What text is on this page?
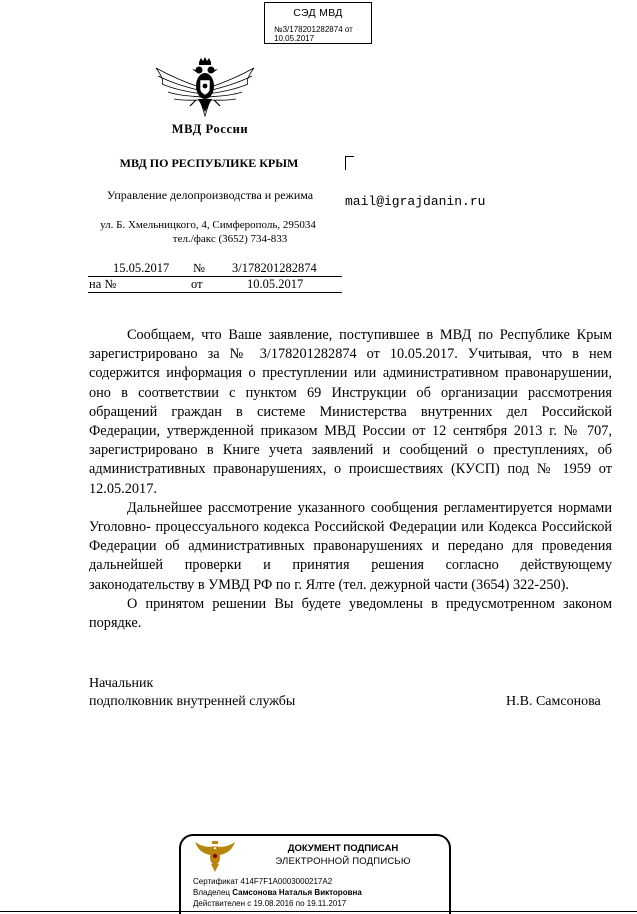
СЭД МВД
№3/178201282874 от
10.05.2017
МВД России
МВД ПО РЕСПУБЛИКЕ КРЫМ
Управление делопроизводства и режима
ул. Б. Хмельницкого, 4, Симферополь, 295034
тел./факс (3652) 734-833
15.05.2017 № 3/178201282874
на №	от	10.05.2017
mail@igrajdanin.ru

Сообщаем, что Ваше заявление, поступившее в МВД по Республике Крым зарегистрировано за № 3/178201282874 от 10.05.2017. Учитывая, что в нем содержится информация о преступлении или административном правонарушении, оно в соответствии с пунктом 69 Инструкции об организации рассмотрения обращений граждан в системе Министерства внутренних дел Российской Федерации, утвержденной приказом МВД России от 12 сентября 2013 г. № 707, зарегистрировано в Книге учета заявлений и сообщений о преступлениях, об административных правонарушениях, о происшествиях (КУСП) под № 1959 от 12.05.2017.

Дальнейшее рассмотрение указанного сообщения регламентируется нормами Уголовно- процессуального кодекса Российской Федерации или Кодекса Российской Федерации об административных правонарушениях и передано для проведения дальнейшей проверки и принятия решения согласно действующему законодательству в УМВД РФ по г. Ялте (тел. дежурной части (3654) 322-250).

О принятом решении Вы будете уведомлены в предусмотренном законом порядке.

Начальник
подполковник внутренней службы	Н.В. Самсонова
ДОКУМЕНТ ПОДПИСАН
ЭЛЕКТРОННОЙ ПОДПИСЬЮ
Сертификат 414F7F1A0003000217A2
Владелец Самсонова Наталья Викторовна
Действителен с 19.08.2016 по 19.11.2017
